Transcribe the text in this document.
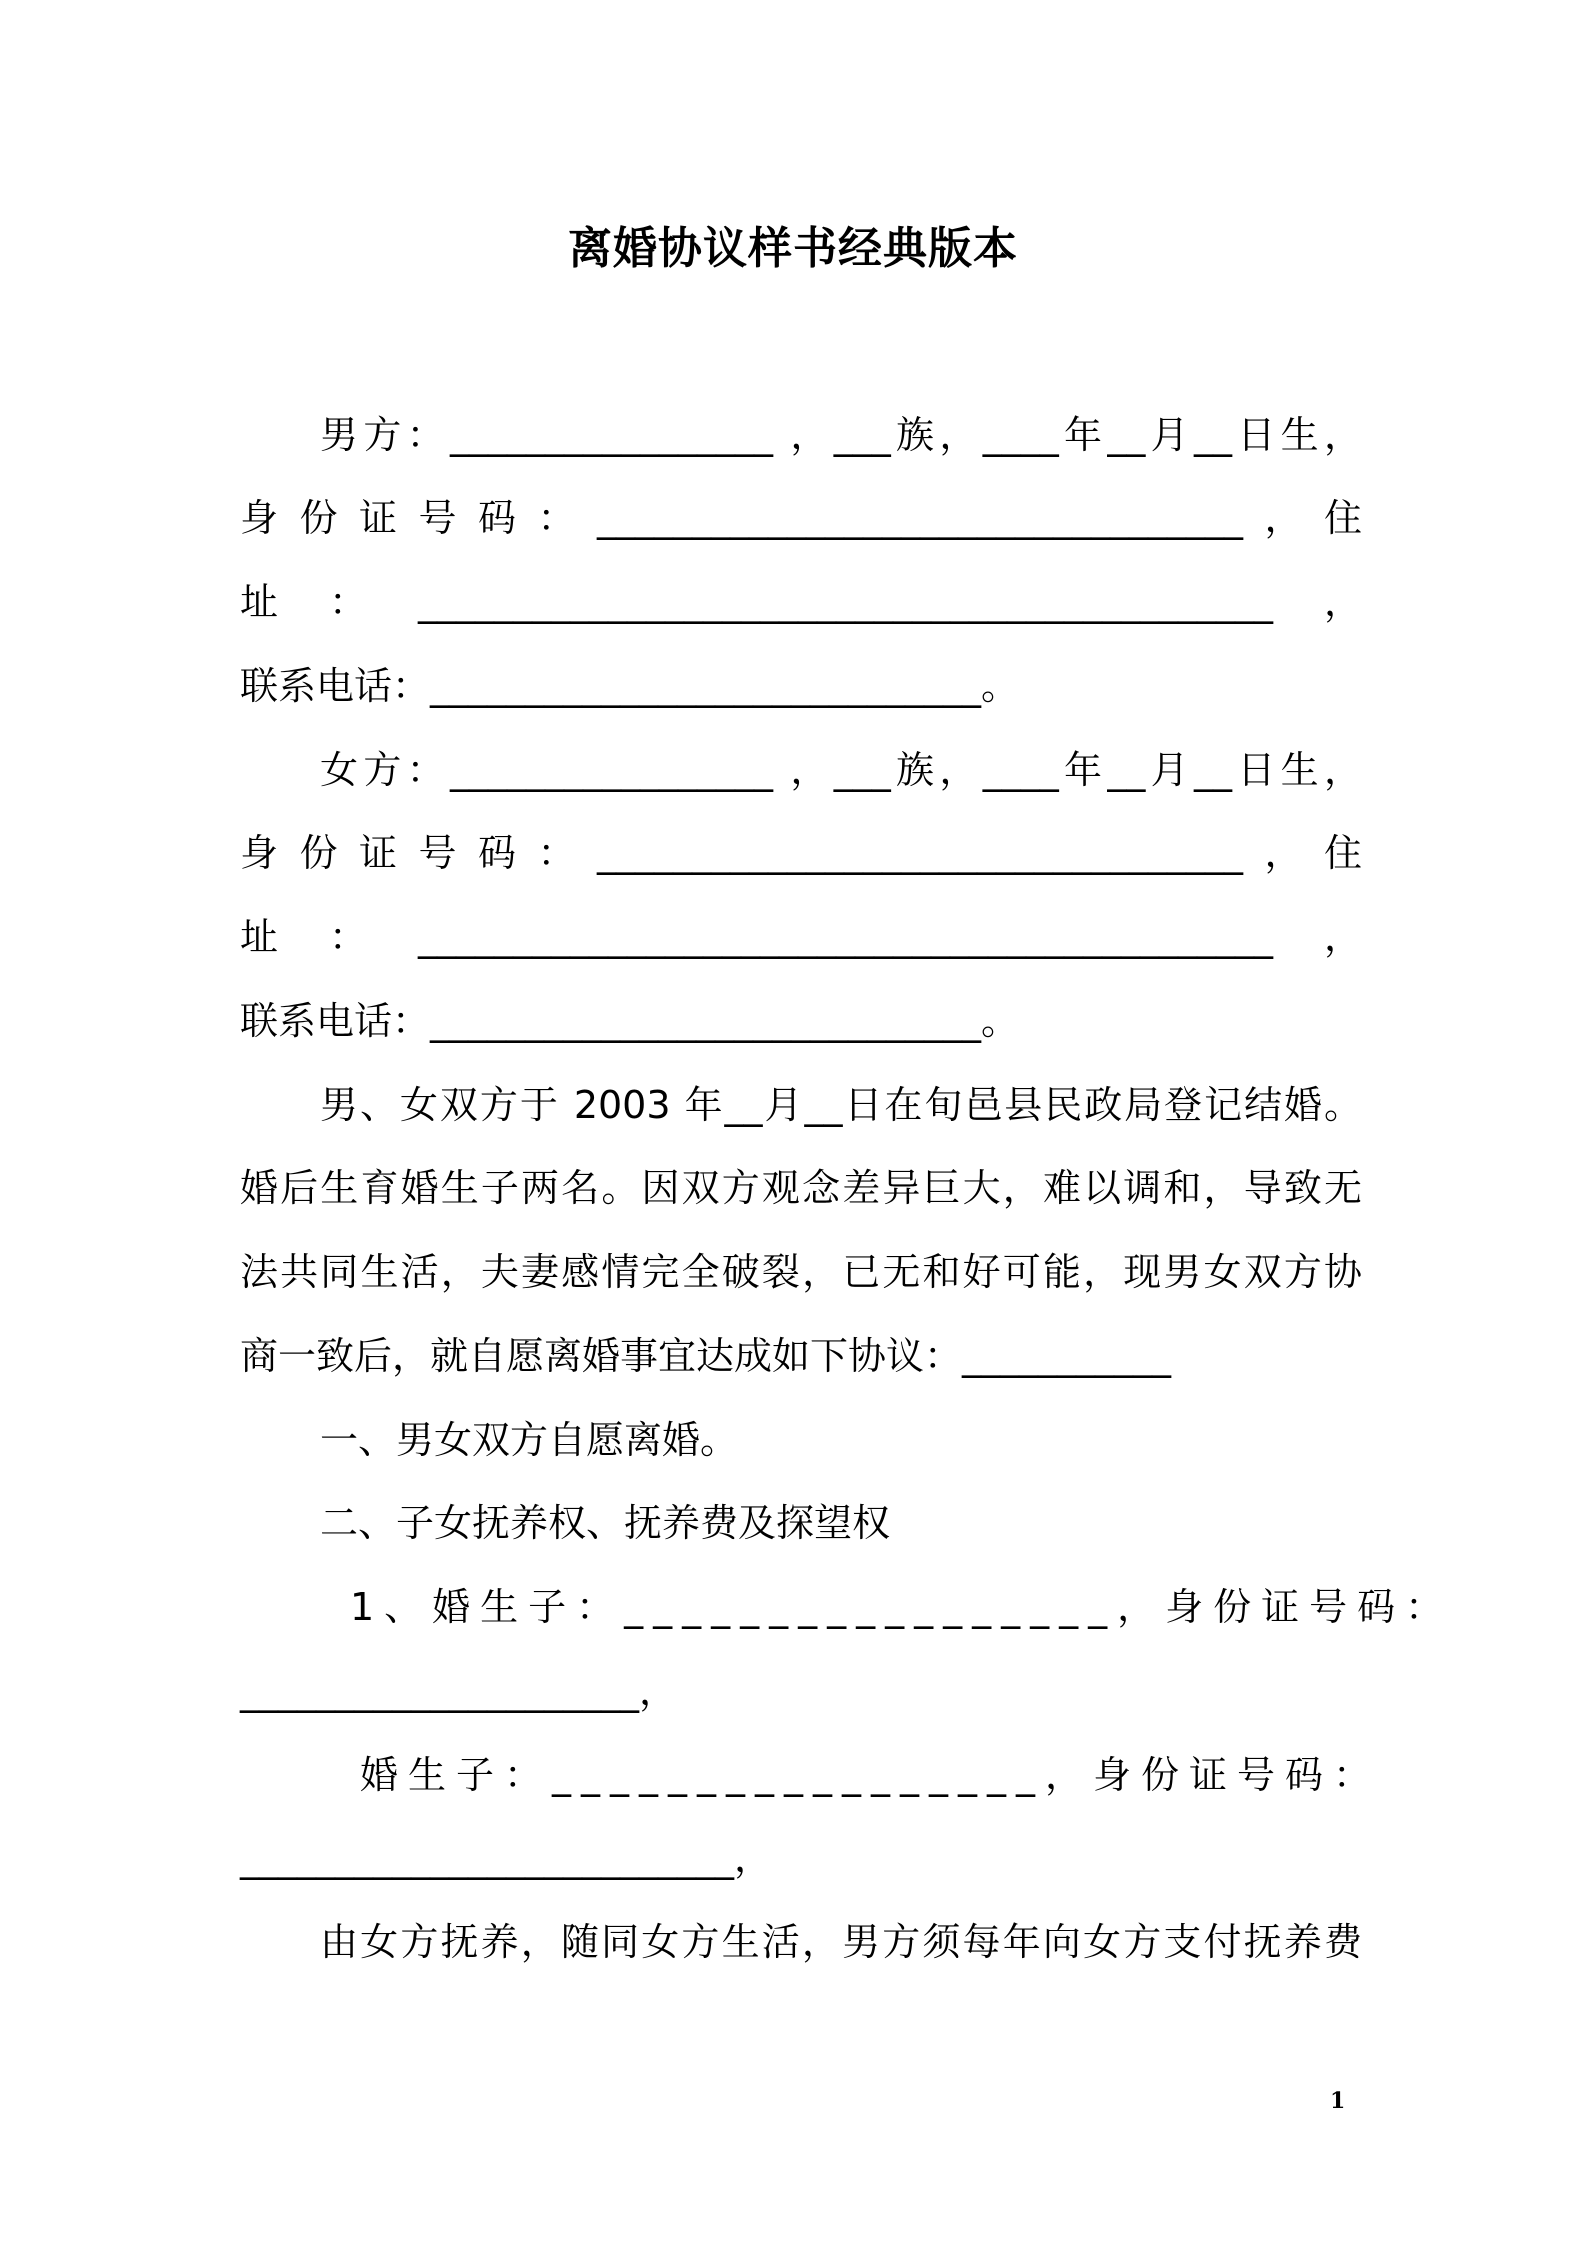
离婚协议样书经典版本
男方：_________________ ，___族，____年__月__日生，
身份证号码：__________________________________，住
址：_____________________________________________，
联系电话：_____________________________。
女方：_________________ ，___族，____年__月__日生，
身份证号码：__________________________________，住
址：_____________________________________________，
联系电话：_____________________________。
男、女双方于 2003 年__月__日在旬邑县民政局登记结婚。
婚后生育婚生子两名。因双方观念差异巨大，难以调和，导致无
法共同生活，夫妻感情完全破裂，已无和好可能，现男女双方协
商一致后，就自愿离婚事宜达成如下协议：___________
一、男女双方自愿离婚。
二、子女抚养权、抚养费及探望权
1、婚生子：_________________，身份证号码：
_____________________，
婚生子：_________________，身份证号码：
__________________________，
由女方抚养，随同女方生活，男方须每年向女方支付抚养费
1
